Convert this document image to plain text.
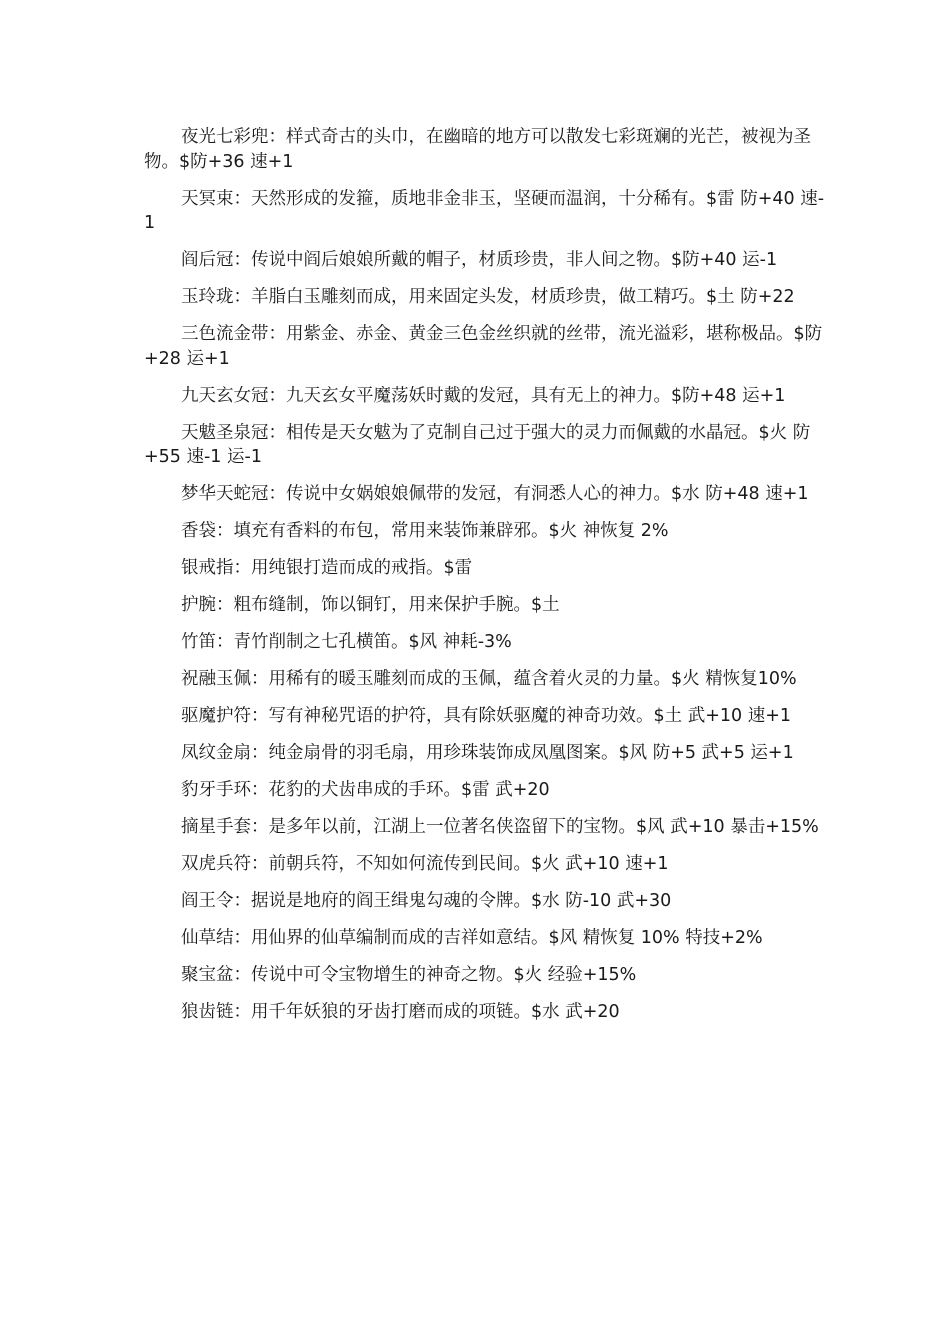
夜光七彩兜：样式奇古的头巾，在幽暗的地方可以散发七彩斑斓的光芒，被视为圣物。$防+36 速+1

天冥束：天然形成的发箍，质地非金非玉，坚硬而温润，十分稀有。$雷 防+40 速-1

阎后冠：传说中阎后娘娘所戴的帽子，材质珍贵，非人间之物。$防+40 运-1

玉玲珑：羊脂白玉雕刻而成，用来固定头发，材质珍贵，做工精巧。$土 防+22

三色流金带：用紫金、赤金、黄金三色金丝织就的丝带，流光溢彩，堪称极品。$防+28 运+1

九天玄女冠：九天玄女平魔荡妖时戴的发冠，具有无上的神力。$防+48 运+1

天魃圣泉冠：相传是天女魃为了克制自己过于强大的灵力而佩戴的水晶冠。$火 防+55 速-1 运-1

梦华天蛇冠：传说中女娲娘娘佩带的发冠，有洞悉人心的神力。$水 防+48 速+1

香袋：填充有香料的布包，常用来装饰兼辟邪。$火 神恢复 2%

银戒指：用纯银打造而成的戒指。$雷

护腕：粗布缝制，饰以铜钉，用来保护手腕。$土

竹笛：青竹削制之七孔横笛。$风 神耗-3%

祝融玉佩：用稀有的暖玉雕刻而成的玉佩，蕴含着火灵的力量。$火 精恢复10%

驱魔护符：写有神秘咒语的护符，具有除妖驱魔的神奇功效。$土 武+10 速+1

凤纹金扇：纯金扇骨的羽毛扇，用珍珠装饰成凤凰图案。$风 防+5 武+5 运+1

豹牙手环：花豹的犬齿串成的手环。$雷 武+20

摘星手套：是多年以前，江湖上一位著名侠盗留下的宝物。$风 武+10 暴击+15%

双虎兵符：前朝兵符，不知如何流传到民间。$火 武+10 速+1

阎王令：据说是地府的阎王缉鬼勾魂的令牌。$水 防-10 武+30

仙草结：用仙界的仙草编制而成的吉祥如意结。$风 精恢复 10% 特技+2%

聚宝盆：传说中可令宝物增生的神奇之物。$火 经验+15%

狼齿链：用千年妖狼的牙齿打磨而成的项链。$水 武+20
